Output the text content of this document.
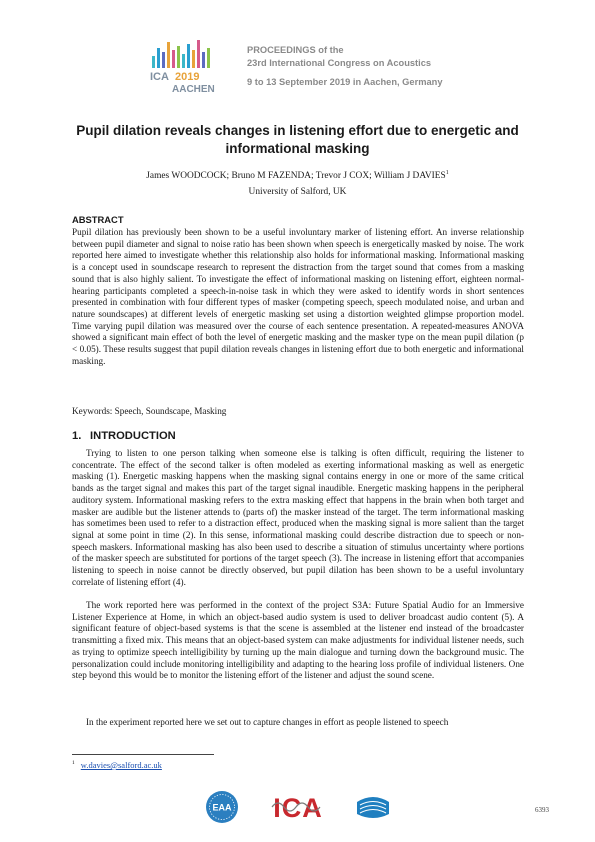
ICA 2019
AACHEN
PROCEEDINGS of the
23rd International Congress on Acoustics
9 to 13 September 2019 in Aachen, Germany
Pupil dilation reveals changes in listening effort due to energetic and
informational masking
James WOODCOCK; Bruno M FAZENDA; Trevor J COX; William J DAVIES$^1$
University of Salford, UK
ABSTRACT
Pupil dilation has previously been shown to be a useful involuntary marker of listening effort. An inverse relationship between pupil diameter and signal to noise ratio has been shown when speech is energetically masked by noise. The work reported here aimed to investigate whether this relationship also holds for informational masking. Informational masking is a concept used in soundscape research to represent the distraction from the target sound that comes from a masking sound that is also highly salient. To investigate the effect of informational masking on listening effort, eighteen normal-hearing participants completed a speech-in-noise task in which they were asked to identify words in short sentences presented in combination with four different types of masker (competing speech, speech modulated noise, and urban and nature soundscapes) at different levels of energetic masking set using a distortion weighted glimpse proportion model. Time varying pupil dilation was measured over the course of each sentence presentation. A repeated-measures ANOVA showed a significant main effect of both the level of energetic masking and the masker type on the mean pupil dilation (p < 0.05). These results suggest that pupil dilation reveals changes in listening effort due to both energetic and informational masking.
Keywords: Speech, Soundscape, Masking
1. INTRODUCTION
Trying to listen to one person talking when someone else is talking is often difficult, requiring the listener to concentrate. The effect of the second talker is often modeled as exerting informational masking as well as energetic masking (1). Energetic masking happens when the masking signal contains energy in one or more of the same critical bands as the target signal and makes this part of the target signal inaudible. Energetic masking happens in the peripheral auditory system. Informational masking refers to the extra masking effect that happens in the brain when both target and masker are audible but the listener attends to (parts of) the masker instead of the target. The term informational masking has sometimes been used to refer to a distraction effect, produced when the masking signal is more salient than the target signal at some point in time (2). In this sense, informational masking could describe distraction due to speech or non-speech maskers. Informational masking has also been used to describe a situation of stimulus uncertainty where portions of the masker speech are substituted for portions of the target speech (3). The increase in listening effort that accompanies listening to speech in noise cannot be directly observed, but pupil dilation has been shown to be a useful involuntary correlate of listening effort (4).
The work reported here was performed in the context of the project S3A: Future Spatial Audio for an Immersive Listener Experience at Home, in which an object-based audio system is used to deliver broadcast audio content (5). A significant feature of object-based systems is that the scene is assembled at the listener end instead of the broadcaster transmitting a fixed mix. This means that an object-based system can make adjustments for individual listener needs, such as trying to optimize speech intelligibility by turning up the main dialogue and turning down the background music. The personalization could include monitoring intelligibility and adapting to the hearing loss profile of individual listeners. One step beyond this would be to monitor the listening effort of the listener and adjust the sound scene.
In the experiment reported here we set out to capture changes in effort as people listened to speech
$^1$ w.davies@salford.ac.uk
EAA ICA	6393
